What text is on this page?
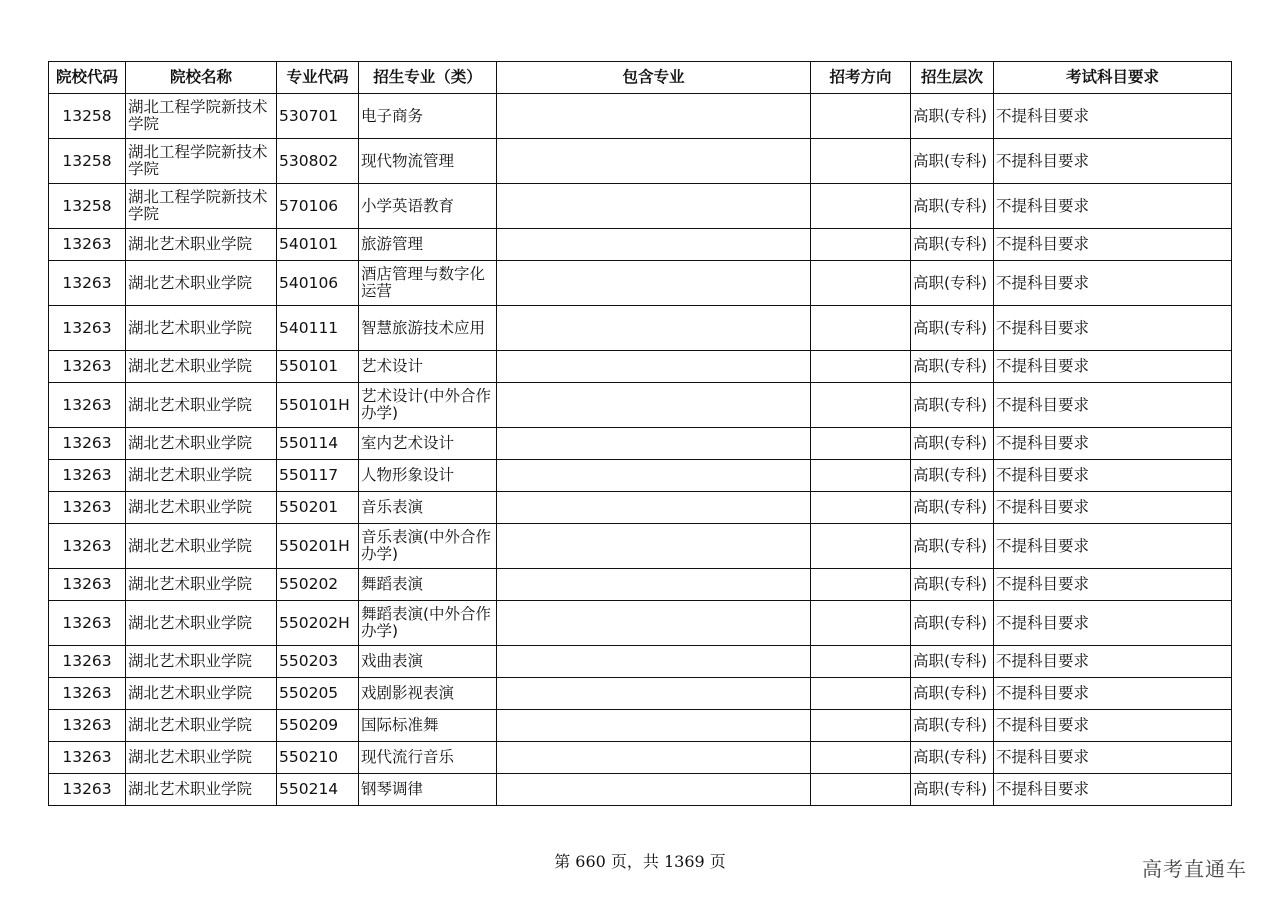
院校代码	院校名称	专业代码	招生专业（类）	包含专业	招考方向	招生层次	考试科目要求
13258	湖北工程学院新技术学院	530701	电子商务			高职(专科)	不提科目要求
13258	湖北工程学院新技术学院	530802	现代物流管理			高职(专科)	不提科目要求
13258	湖北工程学院新技术学院	570106	小学英语教育			高职(专科)	不提科目要求
13263	湖北艺术职业学院	540101	旅游管理			高职(专科)	不提科目要求
13263	湖北艺术职业学院	540106	酒店管理与数字化运营			高职(专科)	不提科目要求
13263	湖北艺术职业学院	540111	智慧旅游技术应用			高职(专科)	不提科目要求
13263	湖北艺术职业学院	550101	艺术设计			高职(专科)	不提科目要求
13263	湖北艺术职业学院	550101H	艺术设计(中外合作办学)			高职(专科)	不提科目要求
13263	湖北艺术职业学院	550114	室内艺术设计			高职(专科)	不提科目要求
13263	湖北艺术职业学院	550117	人物形象设计			高职(专科)	不提科目要求
13263	湖北艺术职业学院	550201	音乐表演			高职(专科)	不提科目要求
13263	湖北艺术职业学院	550201H	音乐表演(中外合作办学)			高职(专科)	不提科目要求
13263	湖北艺术职业学院	550202	舞蹈表演			高职(专科)	不提科目要求
13263	湖北艺术职业学院	550202H	舞蹈表演(中外合作办学)			高职(专科)	不提科目要求
13263	湖北艺术职业学院	550203	戏曲表演			高职(专科)	不提科目要求
13263	湖北艺术职业学院	550205	戏剧影视表演			高职(专科)	不提科目要求
13263	湖北艺术职业学院	550209	国际标准舞			高职(专科)	不提科目要求
13263	湖北艺术职业学院	550210	现代流行音乐			高职(专科)	不提科目要求
13263	湖北艺术职业学院	550214	钢琴调律			高职(专科)	不提科目要求
第 660 页，共 1369 页	高考直通车
